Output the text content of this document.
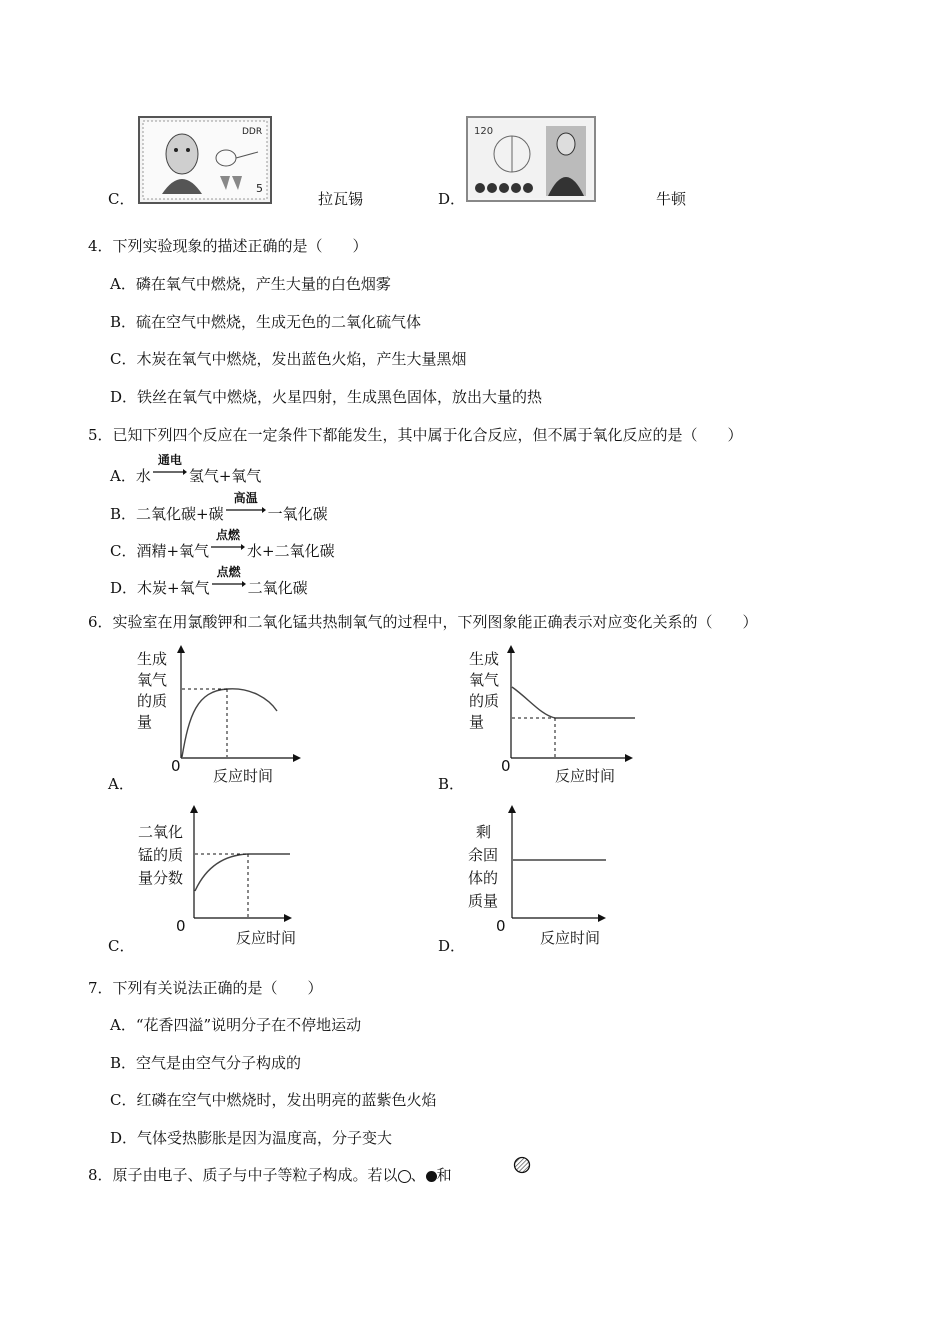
C．
DDR
5
拉瓦锡	D．
120
牛顿
4．下列实验现象的描述正确的是（　　）
A．磷在氧气中燃烧，产生大量的白色烟雾
B．硫在空气中燃烧，生成无色的二氧化硫气体
C．木炭在氧气中燃烧，发出蓝色火焰，产生大量黑烟
D．铁丝在氧气中燃烧，火星四射，生成黑色固体，放出大量的热
5．已知下列四个反应在一定条件下都能发生，其中属于化合反应，但不属于氧化反应的是（　　）
A．水
通电
氢气+氧气
B．二氧化碳+碳
高温
一氧化碳
C．酒精+氧气
点燃
水+二氧化碳
D．木炭+氧气
点燃
二氧化碳
6．实验室在用氯酸钾和二氧化锰共热制氧气的过程中，下列图象能正确表示对应变化关系的（　　）
A．
生成
氧气
的质
量
0
反应时间	B．
生成
氧气
的质
量
0
反应时间
C．
二氧化
锰的质
量分数
0
反应时间	D．
剩
余固
体的
质量
0
反应时间
7．下列有关说法正确的是（　　）
A．“花香四溢”说明分子在不停地运动
B．空气是由空气分子构成的
C．红磷在空气中燃烧时，发出明亮的蓝紫色火焰
D．气体受热膨胀是因为温度高，分子变大
8．原子由电子、质子与中子等粒子构成。若以 、 和
